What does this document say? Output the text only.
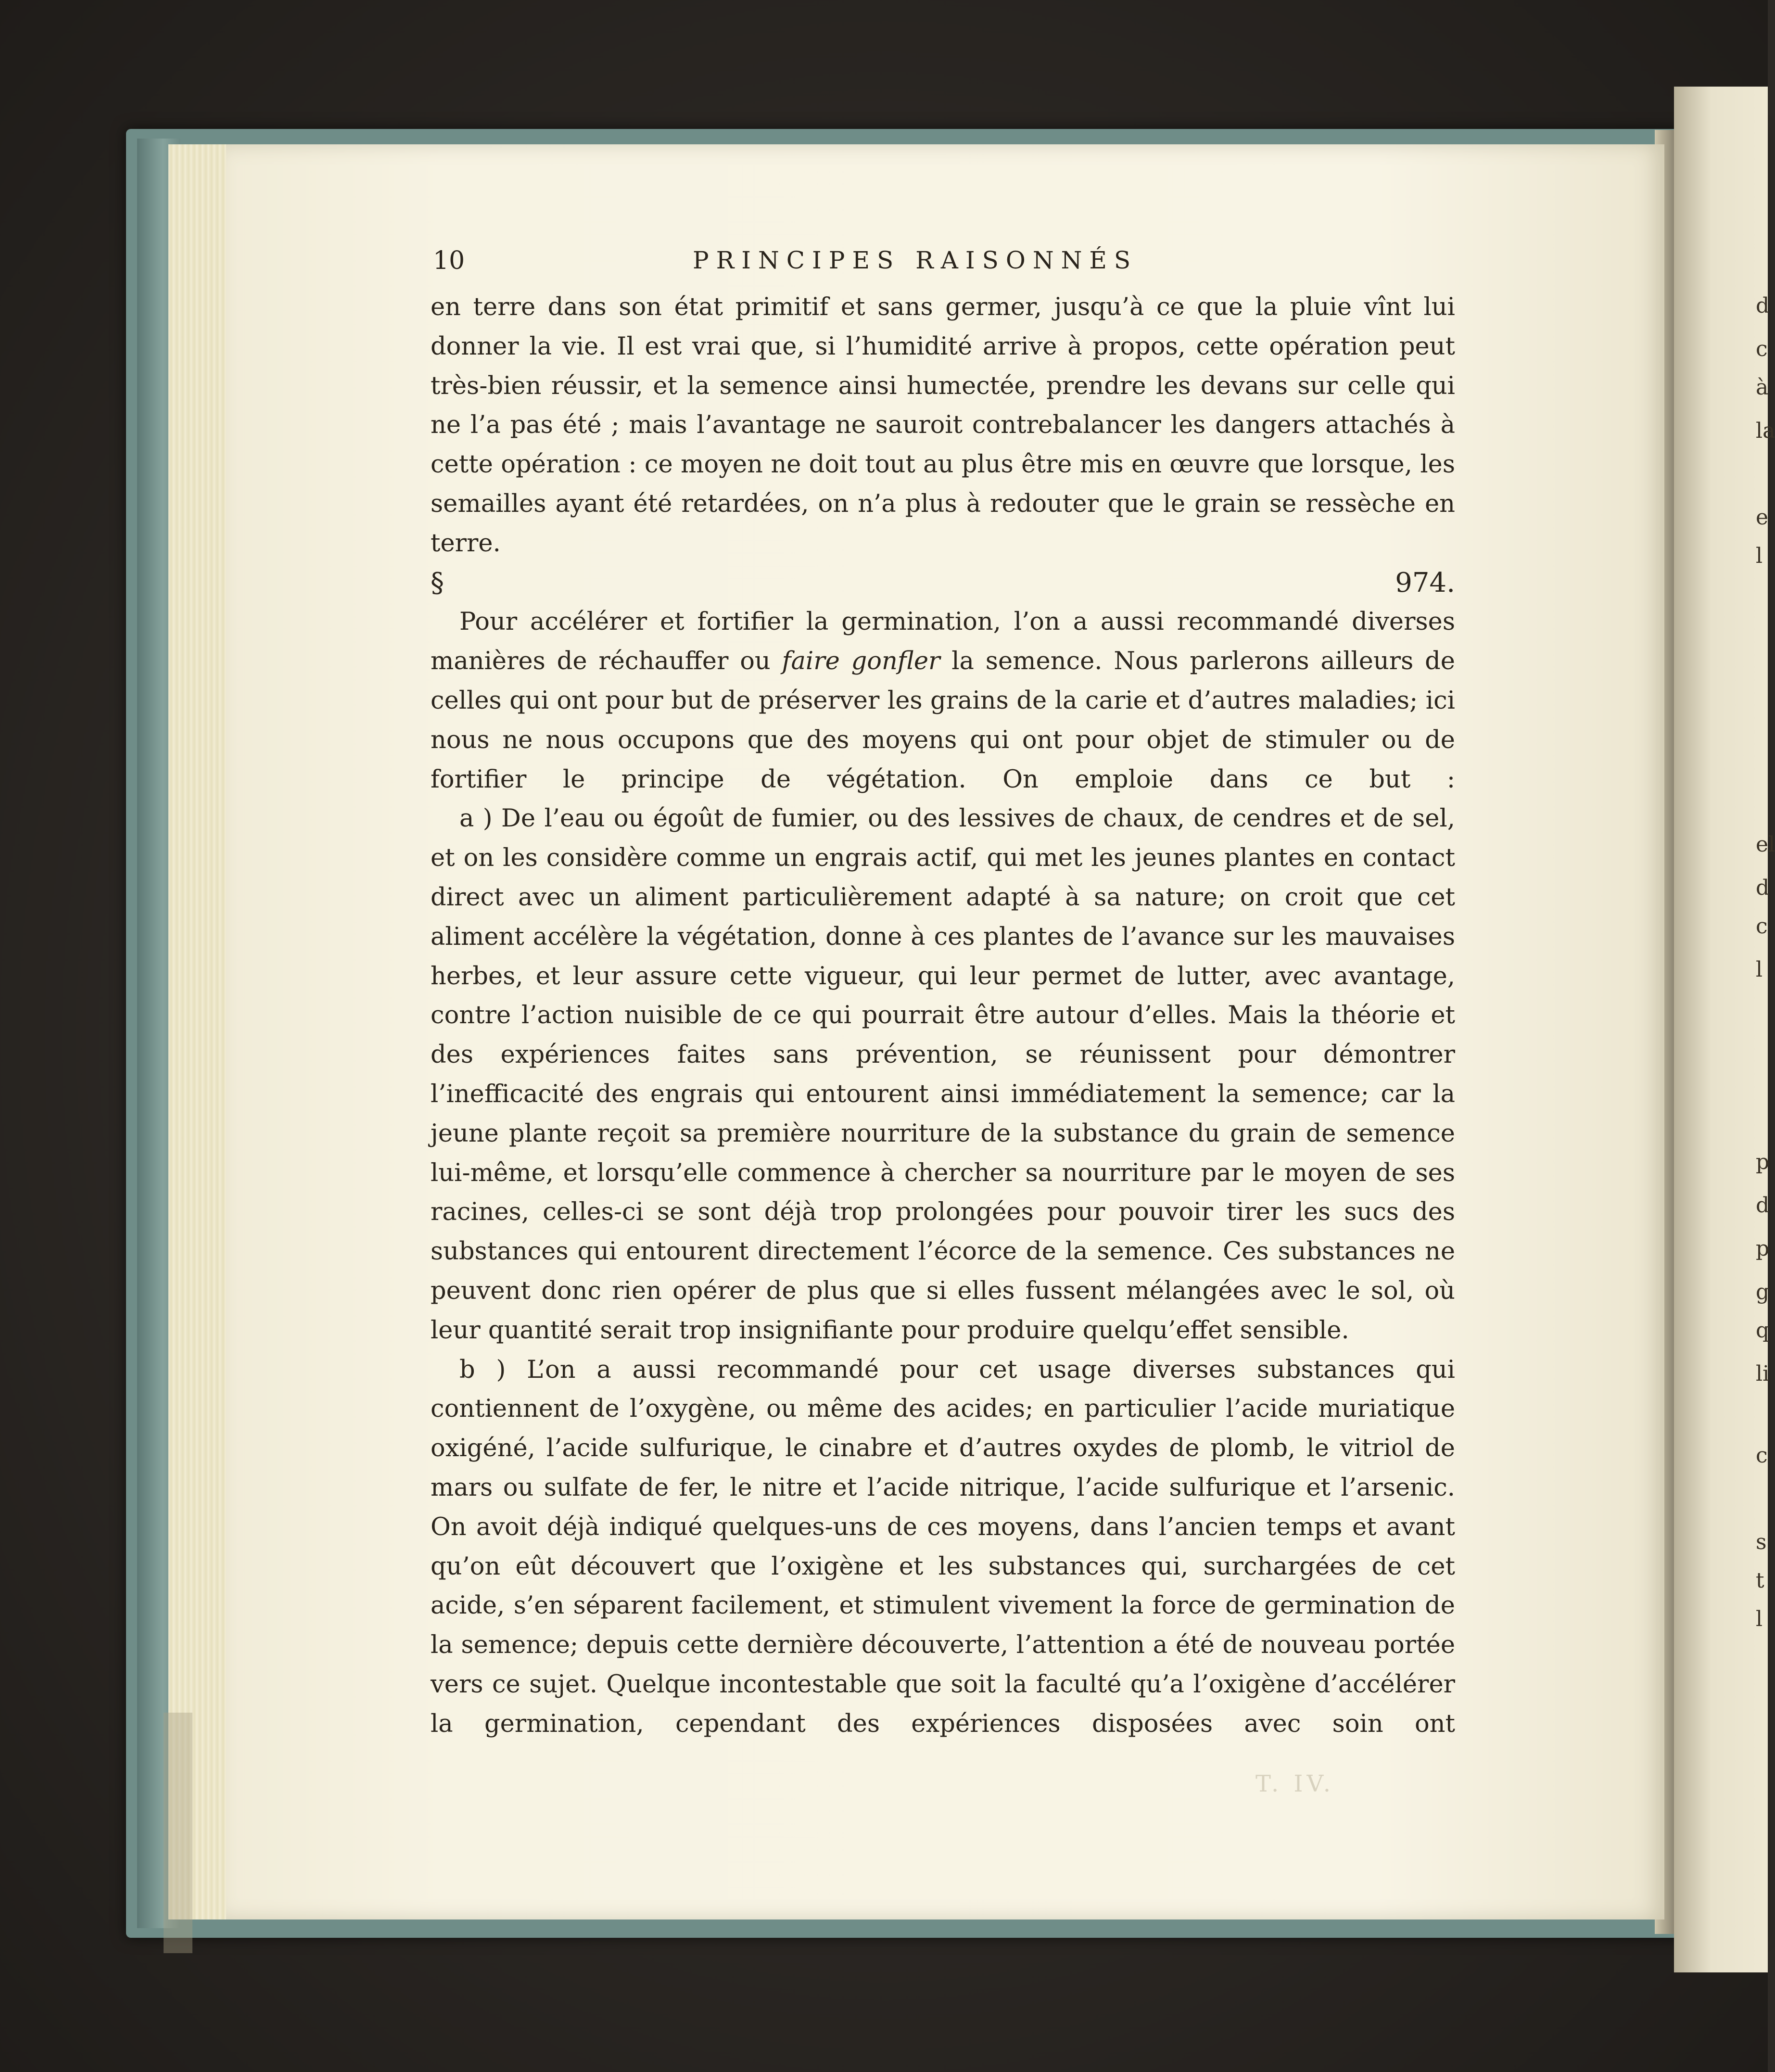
d
c
à
la
e
l
el
d
c
l
p
d
p
g
q
li
c
s
t
l
10	PRINCIPES RAISONNÉS

en terre dans son état primitif et sans germer, jusqu’à ce que la pluie vînt lui donner la vie. Il est vrai que, si l’humidité arrive à propos, cette opération peut très-bien réussir, et la semence ainsi humectée, prendre les devans sur celle qui ne l’a pas été ; mais l’avantage ne sauroit contrebalancer les dangers attachés à cette opération : ce moyen ne doit tout au plus être mis en œuvre que lorsque, les semailles ayant été retardées, on n’a plus à redouter que le grain se ressèche en terre.

§ 974.

Pour accélérer et fortifier la germination, l’on a aussi recommandé diverses manières de réchauffer ou faire gonfler la semence. Nous parlerons ailleurs de celles qui ont pour but de préserver les grains de la carie et d’autres maladies; ici nous ne nous occupons que des moyens qui ont pour objet de stimuler ou de fortifier le principe de végétation. On emploie dans ce but :

a ) De l’eau ou égoût de fumier, ou des lessives de chaux, de cendres et de sel, et on les considère comme un engrais actif, qui met les jeunes plantes en contact direct avec un aliment particulièrement adapté à sa nature; on croit que cet aliment accélère la végétation, donne à ces plantes de l’avance sur les mauvaises herbes, et leur assure cette vigueur, qui leur permet de lutter, avec avantage, contre l’action nuisible de ce qui pourrait être autour d’elles. Mais la théorie et des expériences faites sans prévention, se réunissent pour démontrer l’inefficacité des engrais qui entourent ainsi immédiatement la semence; car la jeune plante reçoit sa première nourriture de la substance du grain de semence lui-même, et lorsqu’elle commence à chercher sa nourriture par le moyen de ses racines, celles-ci se sont déjà trop prolongées pour pouvoir tirer les sucs des substances qui entourent directement l’écorce de la semence. Ces substances ne peuvent donc rien opérer de plus que si elles fussent mélangées avec le sol, où leur quantité serait trop insignifiante pour produire quelqu’effet sensible.

b ) L’on a aussi recommandé pour cet usage diverses substances qui contiennent de l’oxygène, ou même des acides; en particulier l’acide muriatique oxigéné, l’acide sulfurique, le cinabre et d’autres oxydes de plomb, le vitriol de mars ou sulfate de fer, le nitre et l’acide nitrique, l’acide sulfurique et l’arsenic. On avoit déjà indiqué quelques-uns de ces moyens, dans l’ancien temps et avant qu’on eût découvert que l’oxigène et les substances qui, surchargées de cet acide, s’en séparent facilement, et stimulent vivement la force de germination de la semence; depuis cette dernière découverte, l’attention a été de nouveau portée vers ce sujet. Quelque incontestable que soit la faculté qu’a l’oxigène d’accélérer la germination, cependant des expériences disposées avec soin ont

T. IV.
